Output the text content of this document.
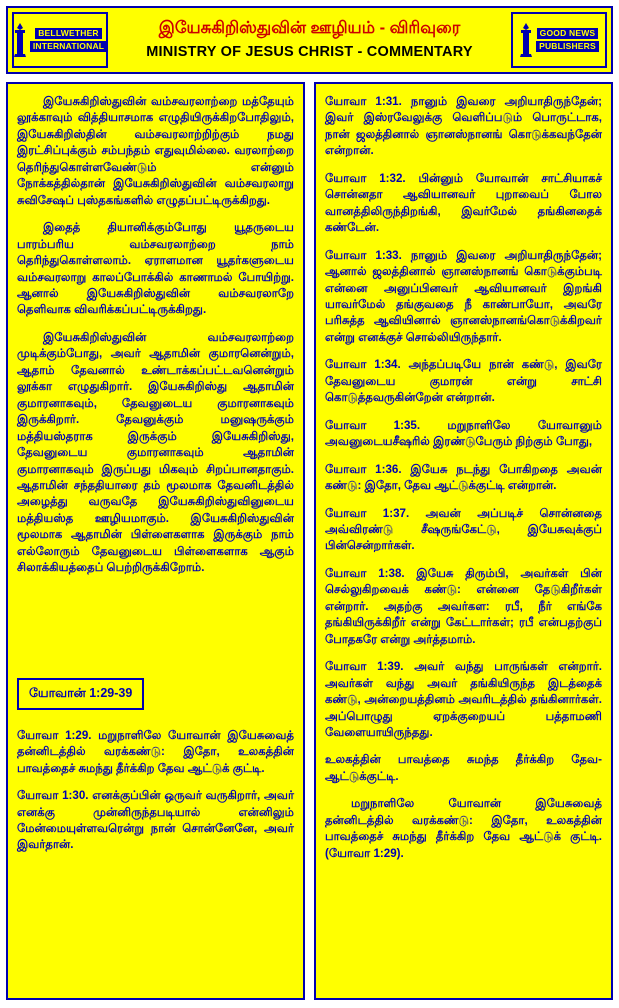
BELLWETHER
INTERNATIONAL
இயேசுகிறிஸ்துவின் ஊழியம் - விரிவுரை
MINISTRY OF JESUS CHRIST - COMMENTARY
GOOD NEWS
PUBLISHERS

இயேசுகிறிஸ்துவின் வம்சவரலாற்றை மத்தேயும் லூக்காவும் வித்தியாசமாக எழுதியிருக்கிறபோதிலும், இயேசுகிறிஸ்தின் வம்சவரலாற்றிற்கும் நமது இரட்சிப்புக்கும் சம்பந்தம் எதுவுமில்லை. வரலாற்றை தெரிந்துகொள்ளவேண்டும் என்னும் நோக்கத்தில்தான் இயேசுகிறிஸ்துவின் வம்சவரலாறு சுவிசேஷப் புஸ்தகங்களில் எழுதப்பட்டிருக்கிறது.

இதைத் தியானிக்கும்போது யூதருடைய பாரம்பரிய வம்சவரலாற்றை நாம் தெரிந்துகொள்ளலாம். ஏராளமான யூதர்களுடைய வம்சவரலாறு காலப்போக்கில் காணாமல் போயிற்று. ஆனால் இயேசுகிறிஸ்துவின் வம்சவரலாறே தெளிவாக விவரிக்கப்பட்டிருக்கிறது.

இயேசுகிறிஸ்துவின் வம்சவரலாற்றை முடிக்கும்போது, அவர் ஆதாமின் குமாரனென்றும், ஆதாம் தேவனால் உண்டாக்கப்பட்டவனென்றும் லூக்கா எழுதுகிறார். இயேசுகிறிஸ்து ஆதாமின் குமாரனாகவும், தேவனுடைய குமாரனாகவும் இருக்கிறார். தேவனுக்கும் மனுஷருக்கும் மத்தியஸ்தராக இருக்கும் இயேசுகிறிஸ்து, தேவனுடைய குமாரனாகவும் ஆதாமின் குமாரனாகவும் இருப்பது மிகவும் சிறப்பானதாகும். ஆதாமின் சந்ததியாரை தம் மூலமாக தேவனிடத்தில் அழைத்து வருவதே இயேசுகிறிஸ்துவினுடைய மத்தியஸ்த ஊழியமாகும். இயேசுகிறிஸ்துவின் மூலமாக ஆதாமின் பிள்ளைகளாக இருக்கும் நாம் எல்லோரும் தேவனுடைய பிள்ளைகளாக ஆகும் சிலாக்கியத்தைப் பெற்றிருக்கிறோம்.

யோவான் 1:29-39

யோவா 1:29. மறுநாளிலே யோவான் இயேசுவைத் தன்னிடத்தில் வரக்கண்டு: இதோ, உலகத்தின் பாவத்தைச் சுமந்து தீர்க்கிற தேவ ஆட்டுக் குட்டி.

யோவா 1:30. எனக்குப்பின் ஒருவர் வருகிறார், அவர் எனக்கு முன்னிருந்தபடியால் என்னிலும் மேன்மையுள்ளவரென்று நான் சொன்னேனே, அவர் இவர்தான்.

யோவா 1:31. நானும் இவரை அறியாதிருந்தேன்; இவர் இஸ்ரவேலுக்கு வெளிப்படும் பொருட்டாக, நான் ஜலத்தினால் ஞானஸ்நானங் கொடுக்கவந்தேன் என்றான்.

யோவா 1:32. பின்னும் யோவான் சாட்சியாகச் சொன்னதா ஆவியானவர் புறாவைப் போல வானத்திலிருந்திறங்கி, இவர்மேல் தங்கினதைக் கண்டேன்.

யோவா 1:33. நானும் இவரை அறியாதிருந்தேன்; ஆனால் ஜலத்தினால் ஞானஸ்நானங் கொடுக்கும்படி என்னை அனுப்பினவர் ஆவியானவர் இறங்கி யாவர்மேல் தங்குவதை நீ காண்பாயோ, அவரே பரிசுத்த ஆவியினால் ஞானஸ்நானங்கொடுக்கிறவர் என்று எனக்குச் சொல்லியிருந்தார்.

யோவா 1:34. அந்தப்படியே நான் கண்டு, இவரே தேவனுடைய குமாரன் என்று சாட்சி கொடுத்தவருகின்றேன் என்றான்.

யோவா 1:35. மறுநாளிலே யோவானும் அவனுடையசீஷரில் இரண்டுபேரும் நிற்கும் போது,

யோவா 1:36. இயேசு நடந்து போகிறதை அவன் கண்டு: இதோ, தேவ ஆட்டுக்குட்டி என்றான்.

யோவா 1:37. அவன் அப்படிச் சொன்னதை அவ்விரண்டு சீஷருங்கேட்டு, இயேசுவுக்குப் பின்சென்றார்கள்.

யோவா 1:38. இயேசு திரும்பி, அவர்கள் பின் செல்லுகிறவைக் கண்டு: என்னை தேடுகிறீர்கள் என்றார். அதற்கு அவர்கள: ரபீ, நீர் எங்கே தங்கியிருக்கிறீர் என்று கேட்டார்கள்; ரபீ என்பதற்குப் போதகரே என்று அர்த்தமாம்.

யோவா 1:39. அவர் வந்து பாருங்கள் என்றார். அவர்கள் வந்து அவர் தங்கியிருந்த இடத்தைக் கண்டு, அன்றையத்தினம் அவரிடத்தில் தங்கினார்கள். அப்பொழுது ஏறக்குறையப் பத்தாமணி வேளையாயிருந்தது.

உலகத்தின் பாவத்தை சுமந்த தீர்க்கிற தேவ-ஆட்டுக்குட்டி.

மறுநாளிலே யோவான் இயேசுவைத் தன்னிடத்தில் வரக்கண்டு: இதோ, உலகத்தின் பாவத்தைச் சுமந்து தீர்க்கிற தேவ ஆட்டுக் குட்டி. (யோவா 1:29).
